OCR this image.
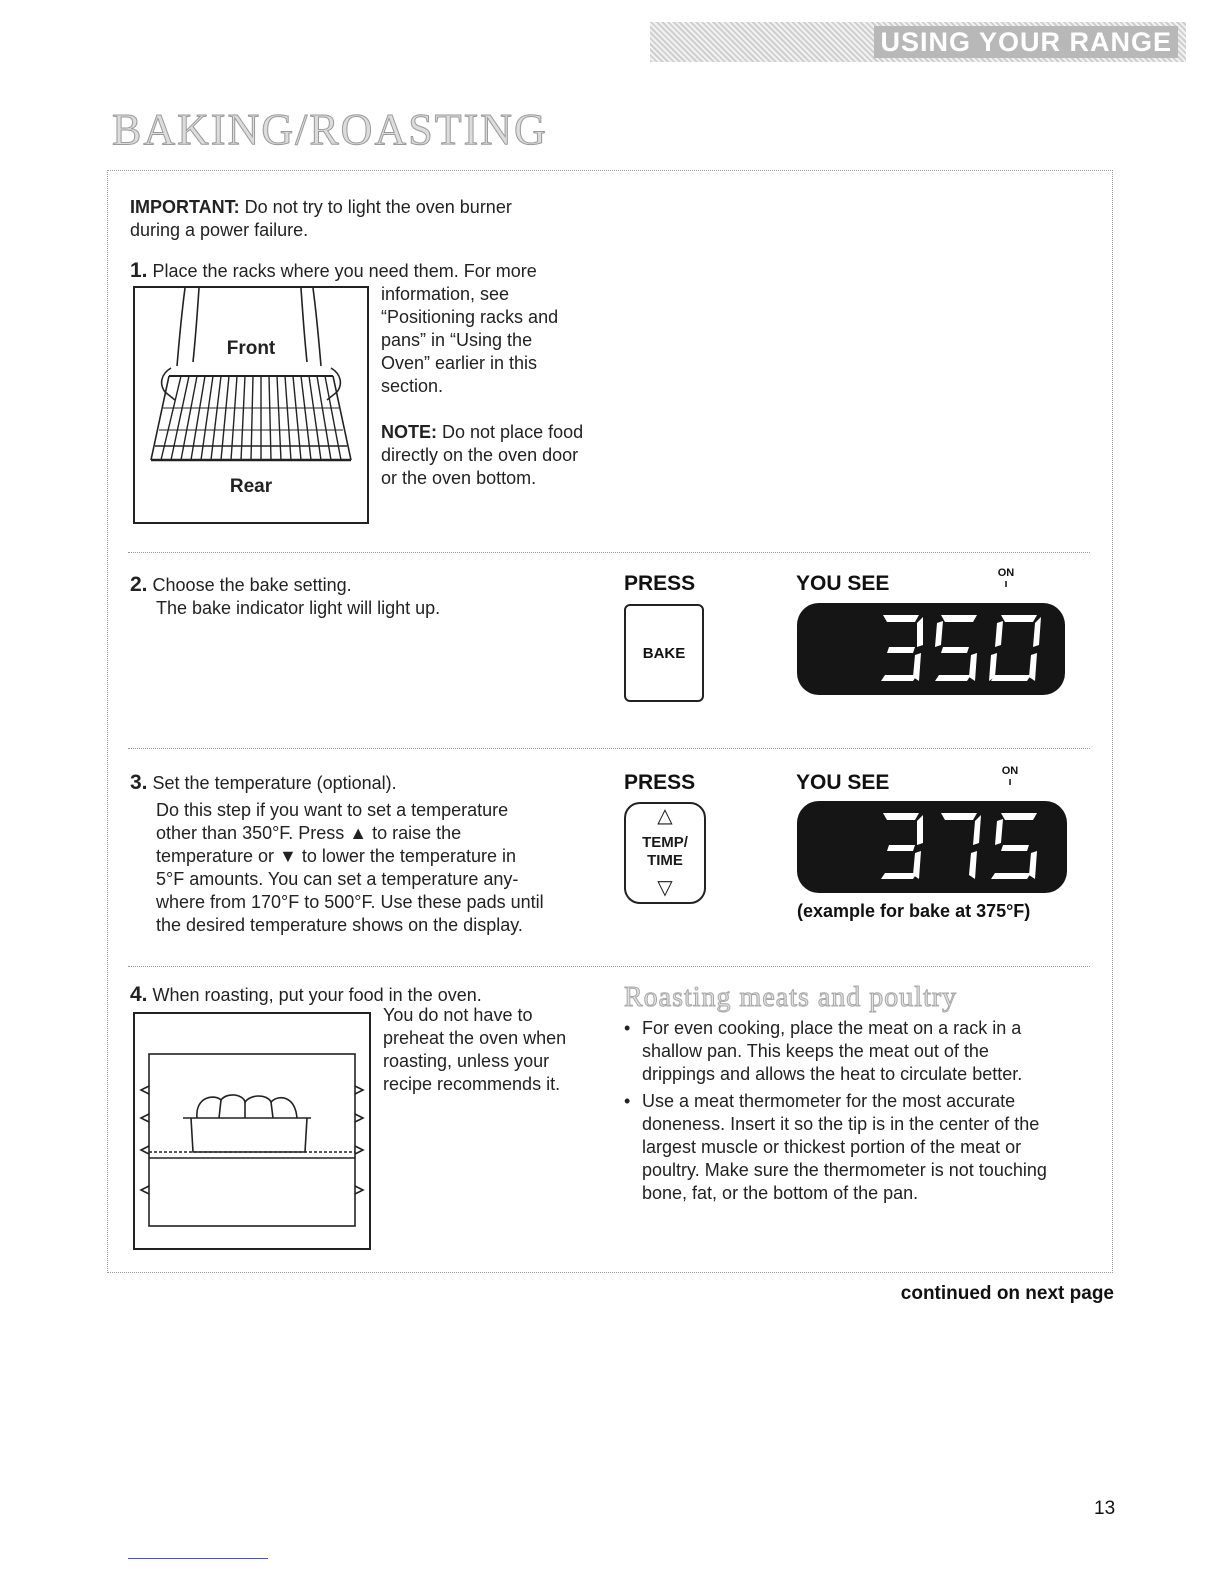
USING YOUR RANGE
BAKING/ROASTING
IMPORTANT: Do not try to light the oven burner
during a power failure.
1. Place the racks where you need them. For more
Front
Rear
information, see
“Positioning racks and
pans” in “Using the
Oven” earlier in this
section.
NOTE: Do not place food
directly on the oven door
or the oven bottom.
2. Choose the bake setting.
The bake indicator light will light up.
PRESS	YOU SEE	ON
ı
BAKE
3. Set the temperature (optional).
Do this step if you want to set a temperature
other than 350°F. Press ▲ to raise the
temperature or ▼ to lower the temperature in
5°F amounts. You can set a temperature any-
where from 170°F to 500°F. Use these pads until
the desired temperature shows on the display.
PRESS	YOU SEE	ON
ı
△
TEMP/
TIME
▽
(example for bake at 375°F)
4. When roasting, put your food in the oven.
You do not have to
preheat the oven when
roasting, unless your
recipe recommends it.
Roasting meats and poultry
• For even cooking, place the meat on a rack in a
shallow pan. This keeps the meat out of the
drippings and allows the heat to circulate better.
• Use a meat thermometer for the most accurate
doneness. Insert it so the tip is in the center of the
largest muscle or thickest portion of the meat or
poultry. Make sure the thermometer is not touching
bone, fat, or the bottom of the pan.
continued on next page
13
